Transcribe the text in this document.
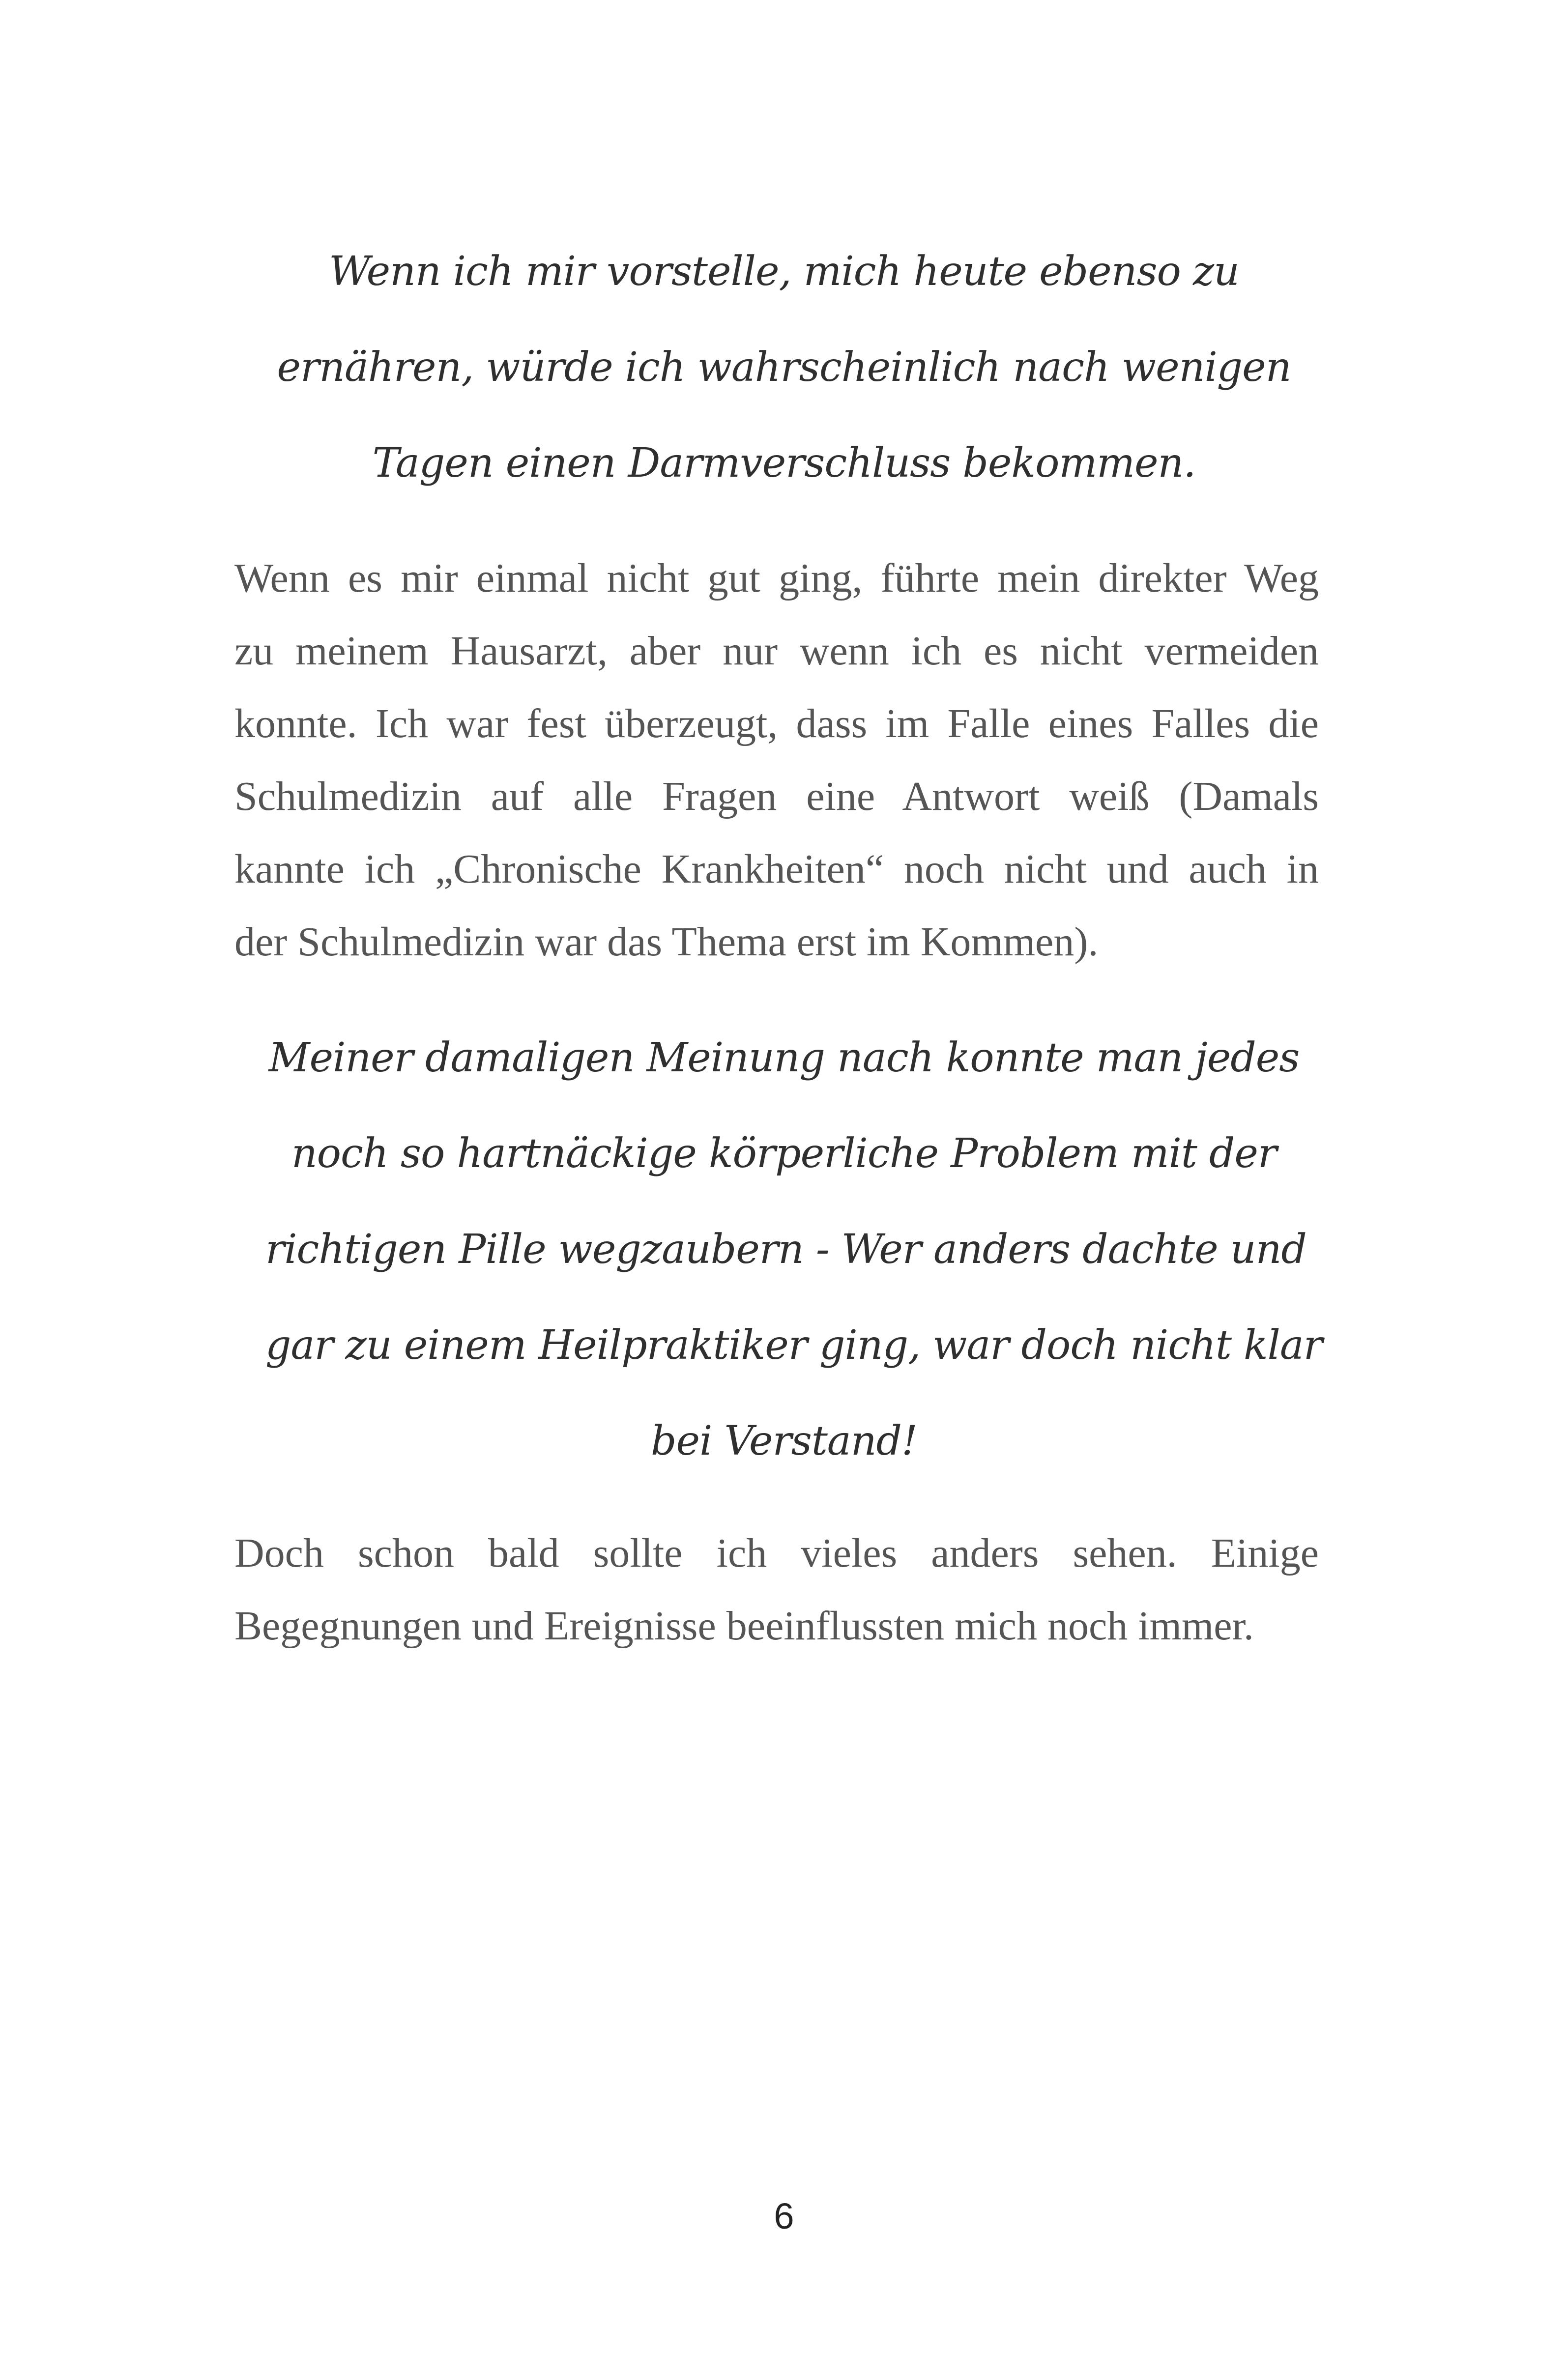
Wenn ich mir vorstelle, mich heute ebenso zu
ernähren, würde ich wahrscheinlich nach wenigen
Tagen einen Darmverschluss bekommen.

Wenn es mir einmal nicht gut ging, führte mein direkter Weg
zu meinem Hausarzt, aber nur wenn ich es nicht vermeiden
konnte. Ich war fest überzeugt, dass im Falle eines Falles die
Schulmedizin auf alle Fragen eine Antwort weiß (Damals
kannte ich „Chronische Krankheiten“ noch nicht und auch in
der Schulmedizin war das Thema erst im Kommen).

Meiner damaligen Meinung nach konnte man jedes
noch so hartnäckige körperliche Problem mit der
richtigen Pille wegzaubern - Wer anders dachte und
gar zu einem Heilpraktiker ging, war doch nicht klar
bei Verstand!

Doch schon bald sollte ich vieles anders sehen. Einige
Begegnungen und Ereignisse beeinflussten mich noch immer.

6
